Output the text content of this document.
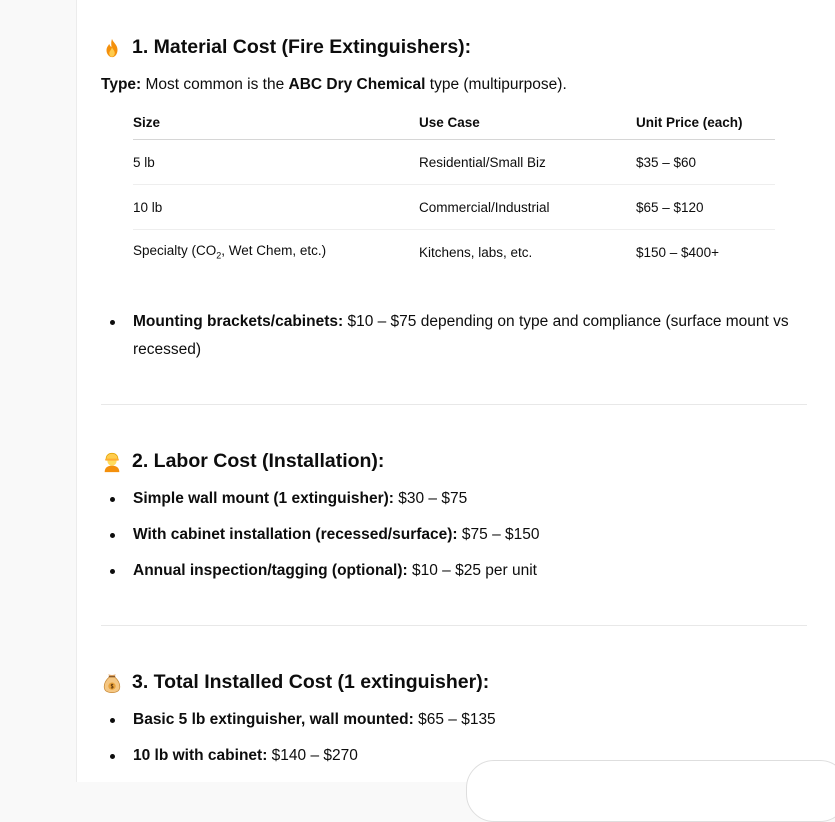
1. Material Cost (Fire Extinguishers):

Type: Most common is the ABC Dry Chemical type (multipurpose).

Size	Use Case	Unit Price (each)
5 lb	Residential/Small Biz	$35 – $60
10 lb	Commercial/Industrial	$65 – $120
Specialty ($CO_2$, Wet Chem, etc.)	Kitchens, labs, etc.	$150 – $400+
Mounting brackets/cabinets: $10 – $75 depending on type and compliance (surface mount vs recessed)
2. Labor Cost (Installation):
Simple wall mount (1 extinguisher): $30 – $75
With cabinet installation (recessed/surface): $75 – $150
Annual inspection/tagging (optional): $10 – $25 per unit
3. Total Installed Cost (1 extinguisher):
Basic 5 lb extinguisher, wall mounted: $65 – $135
10 lb with cabinet: $140 – $270
